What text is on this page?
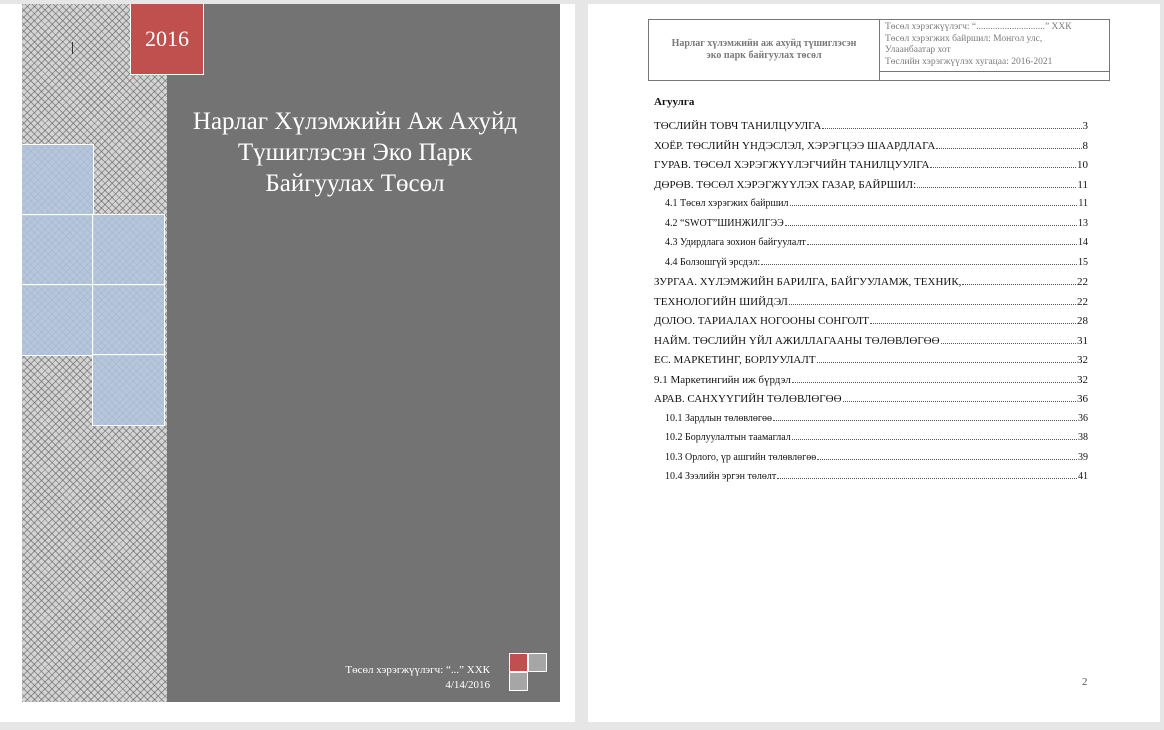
2016
Нарлаг Хүлэмжийн Аж Ахуйд
Түшиглэсэн Эко Парк
Байгуулах Төсөл
Төсөл хэрэгжүүлэгч: “...” ХХК
4/14/2016
Нарлаг хүлэмжийн аж ахуйд түшиглэсэн
эко парк байгуулах төсөл
Төсөл хэрэгжүүлэгч: “.............................” ХХК
Төсөл хэрэгжих байршил: Монгол улс,
Улаанбаатар хот
Төслийн хэрэгжүүлэх хугацаа: 2016-2021
Агуулга
ТӨСЛИЙН ТОВЧ ТАНИЛЦУУЛГА	3
ХОЁР. ТӨСЛИЙН ҮНДЭСЛЭЛ, ХЭРЭГЦЭЭ ШААРДЛАГА	8
ГУРАВ. ТӨСӨЛ ХЭРЭГЖҮҮЛЭГЧИЙН ТАНИЛЦУУЛГА	10
ДӨРӨВ. ТӨСӨЛ ХЭРЭГЖҮҮЛЭХ ГАЗАР, БАЙРШИЛ:	11
4.1 Төсөл хэрэгжих байршил	11
4.2 “SWOT”ШИНЖИЛГЭЭ	13
4.3 Удирдлага зохион байгуулалт	14
4.4 Болзошгүй эрсдэл:	15
ЗУРГАА. ХҮЛЭМЖИЙН БАРИЛГА, БАЙГУУЛАМЖ, ТЕХНИК,	22
ТЕХНОЛОГИЙН ШИЙДЭЛ	22
ДОЛОО. ТАРИАЛАХ НОГООНЫ СОНГОЛТ	28
НАЙМ. ТӨСЛИЙН ҮЙЛ АЖИЛЛАГААНЫ ТӨЛӨВЛӨГӨӨ	31
ЕС. МАРКЕТИНГ, БОРЛУУЛАЛТ	32
9.1 Маркетингийн иж бүрдэл	32
АРАВ. САНХҮҮГИЙН ТӨЛӨВЛӨГӨӨ	36
10.1 Зардлын төлөвлөгөө	36
10.2 Борлуулалтын таамаглал	38
10.3 Орлого, үр ашгийн төлөвлөгөө	39
10.4 Зээлийн эргэн төлөлт	41
2
